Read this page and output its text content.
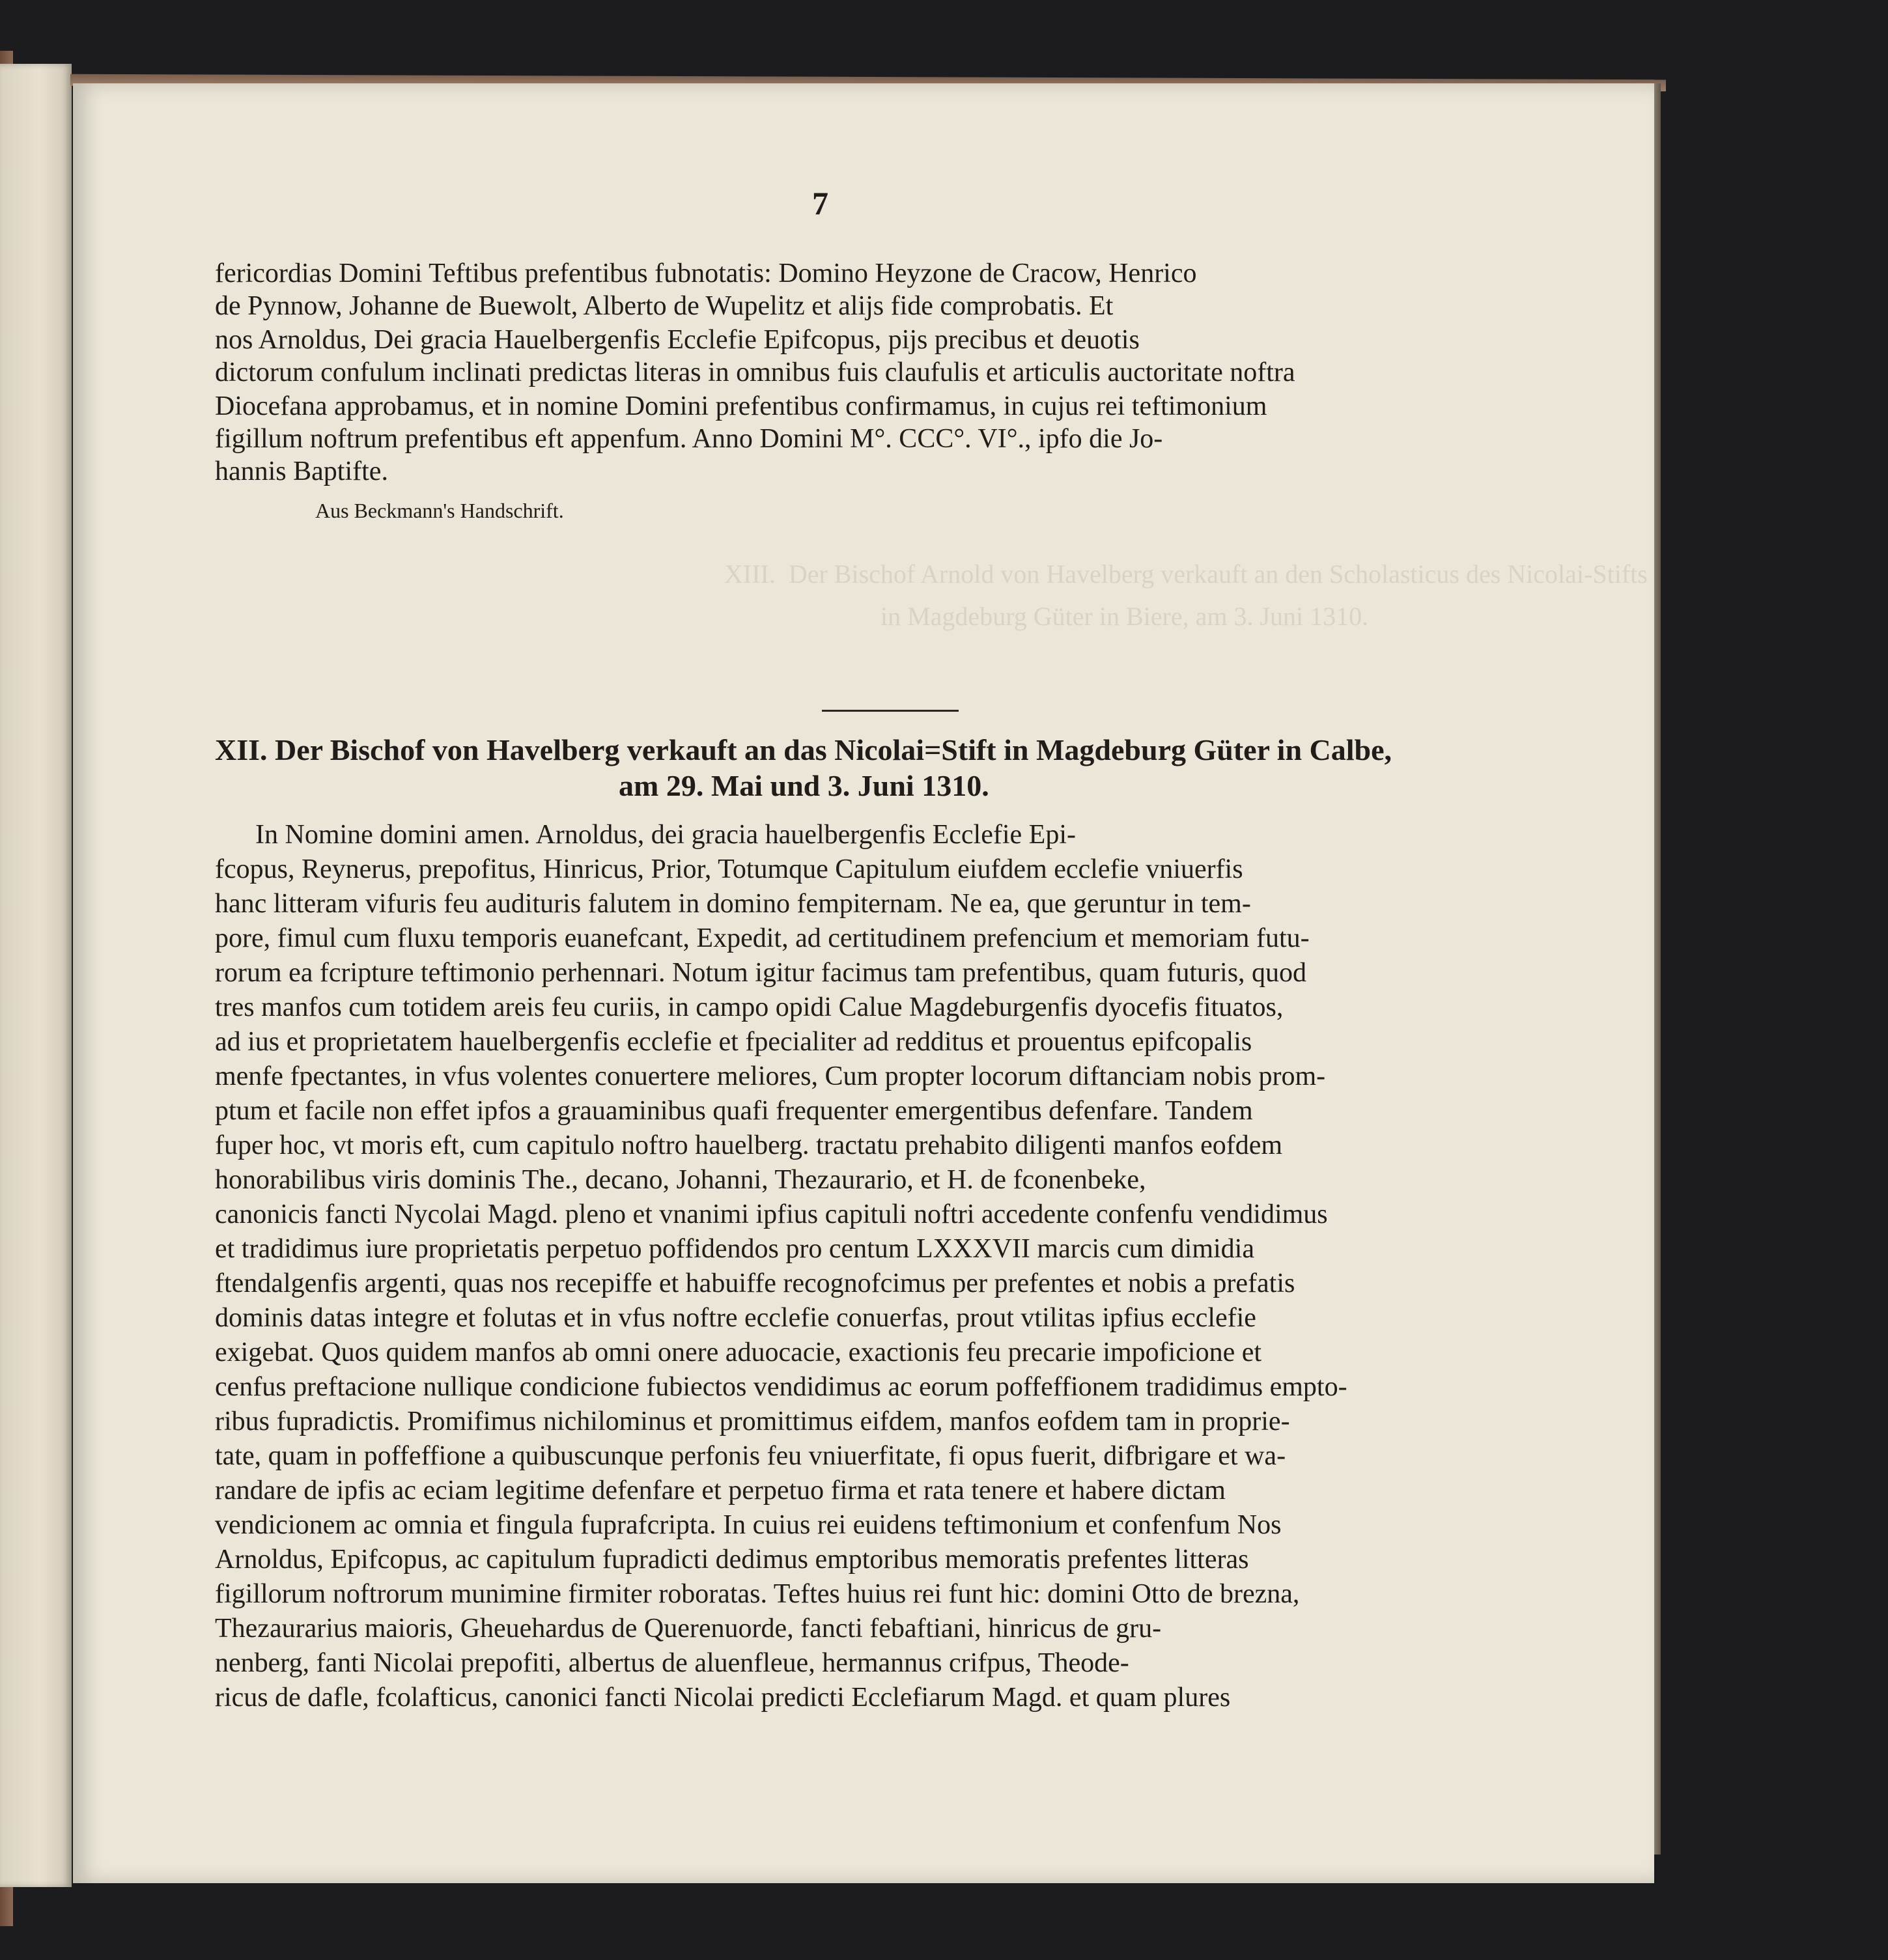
7
fericordias Domini Teftibus prefentibus fubnotatis: Domino Heyzone de Cracow, Henrico
de Pynnow, Johanne de Buewolt, Alberto de Wupelitz et alijs fide comprobatis. Et
nos Arnoldus, Dei gracia Hauelbergenfis Ecclefie Epifcopus, pijs precibus et deuotis
dictorum confulum inclinati predictas literas in omnibus fuis claufulis et articulis auctoritate noftra
Diocefana approbamus, et in nomine Domini prefentibus confirmamus, in cujus rei teftimonium
figillum noftrum prefentibus eft appenfum. Anno Domini M°. CCC°. VI°., ipfo die Jo-
hannis Baptifte.
Aus Beckmann's Handschrift.
XIII.  Der Bischof Arnold von Havelberg verkauft an den Scholasticus des Nicolai-Stifts
in Magdeburg Güter in Biere, am 3. Juni 1310.
XII. Der Bischof von Havelberg verkauft an das Nicolai=Stift in Magdeburg Güter in Calbe,
am 29. Mai und 3. Juni 1310.
In Nomine domini amen. Arnoldus, dei gracia hauelbergenfis Ecclefie Epi-
fcopus, Reynerus, prepofitus, Hinricus, Prior, Totumque Capitulum eiufdem ecclefie vniuerfis
hanc litteram vifuris feu audituris falutem in domino fempiternam. Ne ea, que geruntur in tem-
pore, fimul cum fluxu temporis euanefcant, Expedit, ad certitudinem prefencium et memoriam futu-
rorum ea fcripture teftimonio perhennari. Notum igitur facimus tam prefentibus, quam futuris, quod
tres manfos cum totidem areis feu curiis, in campo opidi Calue Magdeburgenfis dyocefis fituatos,
ad ius et proprietatem hauelbergenfis ecclefie et fpecialiter ad redditus et prouentus epifcopalis
menfe fpectantes, in vfus volentes conuertere meliores, Cum propter locorum diftanciam nobis prom-
ptum et facile non effet ipfos a grauaminibus quafi frequenter emergentibus defenfare. Tandem
fuper hoc, vt moris eft, cum capitulo noftro hauelberg. tractatu prehabito diligenti manfos eofdem
honorabilibus viris dominis The., decano, Johanni, Thezaurario, et H. de fconenbeke,
canonicis fancti Nycolai Magd. pleno et vnanimi ipfius capituli noftri accedente confenfu vendidimus
et tradidimus iure proprietatis perpetuo poffidendos pro centum LXXXVII marcis cum dimidia
ftendalgenfis argenti, quas nos recepiffe et habuiffe recognofcimus per prefentes et nobis a prefatis
dominis datas integre et folutas et in vfus noftre ecclefie conuerfas, prout vtilitas ipfius ecclefie
exigebat. Quos quidem manfos ab omni onere aduocacie, exactionis feu precarie impoficione et
cenfus preftacione nullique condicione fubiectos vendidimus ac eorum poffeffionem tradidimus empto-
ribus fupradictis. Promifimus nichilominus et promittimus eifdem, manfos eofdem tam in proprie-
tate, quam in poffeffione a quibuscunque perfonis feu vniuerfitate, fi opus fuerit, difbrigare et wa-
randare de ipfis ac eciam legitime defenfare et perpetuo firma et rata tenere et habere dictam
vendicionem ac omnia et fingula fuprafcripta. In cuius rei euidens teftimonium et confenfum Nos
Arnoldus, Epifcopus, ac capitulum fupradicti dedimus emptoribus memoratis prefentes litteras
figillorum noftrorum munimine firmiter roboratas. Teftes huius rei funt hic: domini Otto de brezna,
Thezaurarius maioris, Gheuehardus de Querenuorde, fancti febaftiani, hinricus de gru-
nenberg, fanti Nicolai prepofiti, albertus de aluenfleue, hermannus crifpus, Theode-
ricus de dafle, fcolafticus, canonici fancti Nicolai predicti Ecclefiarum Magd. et quam plures
